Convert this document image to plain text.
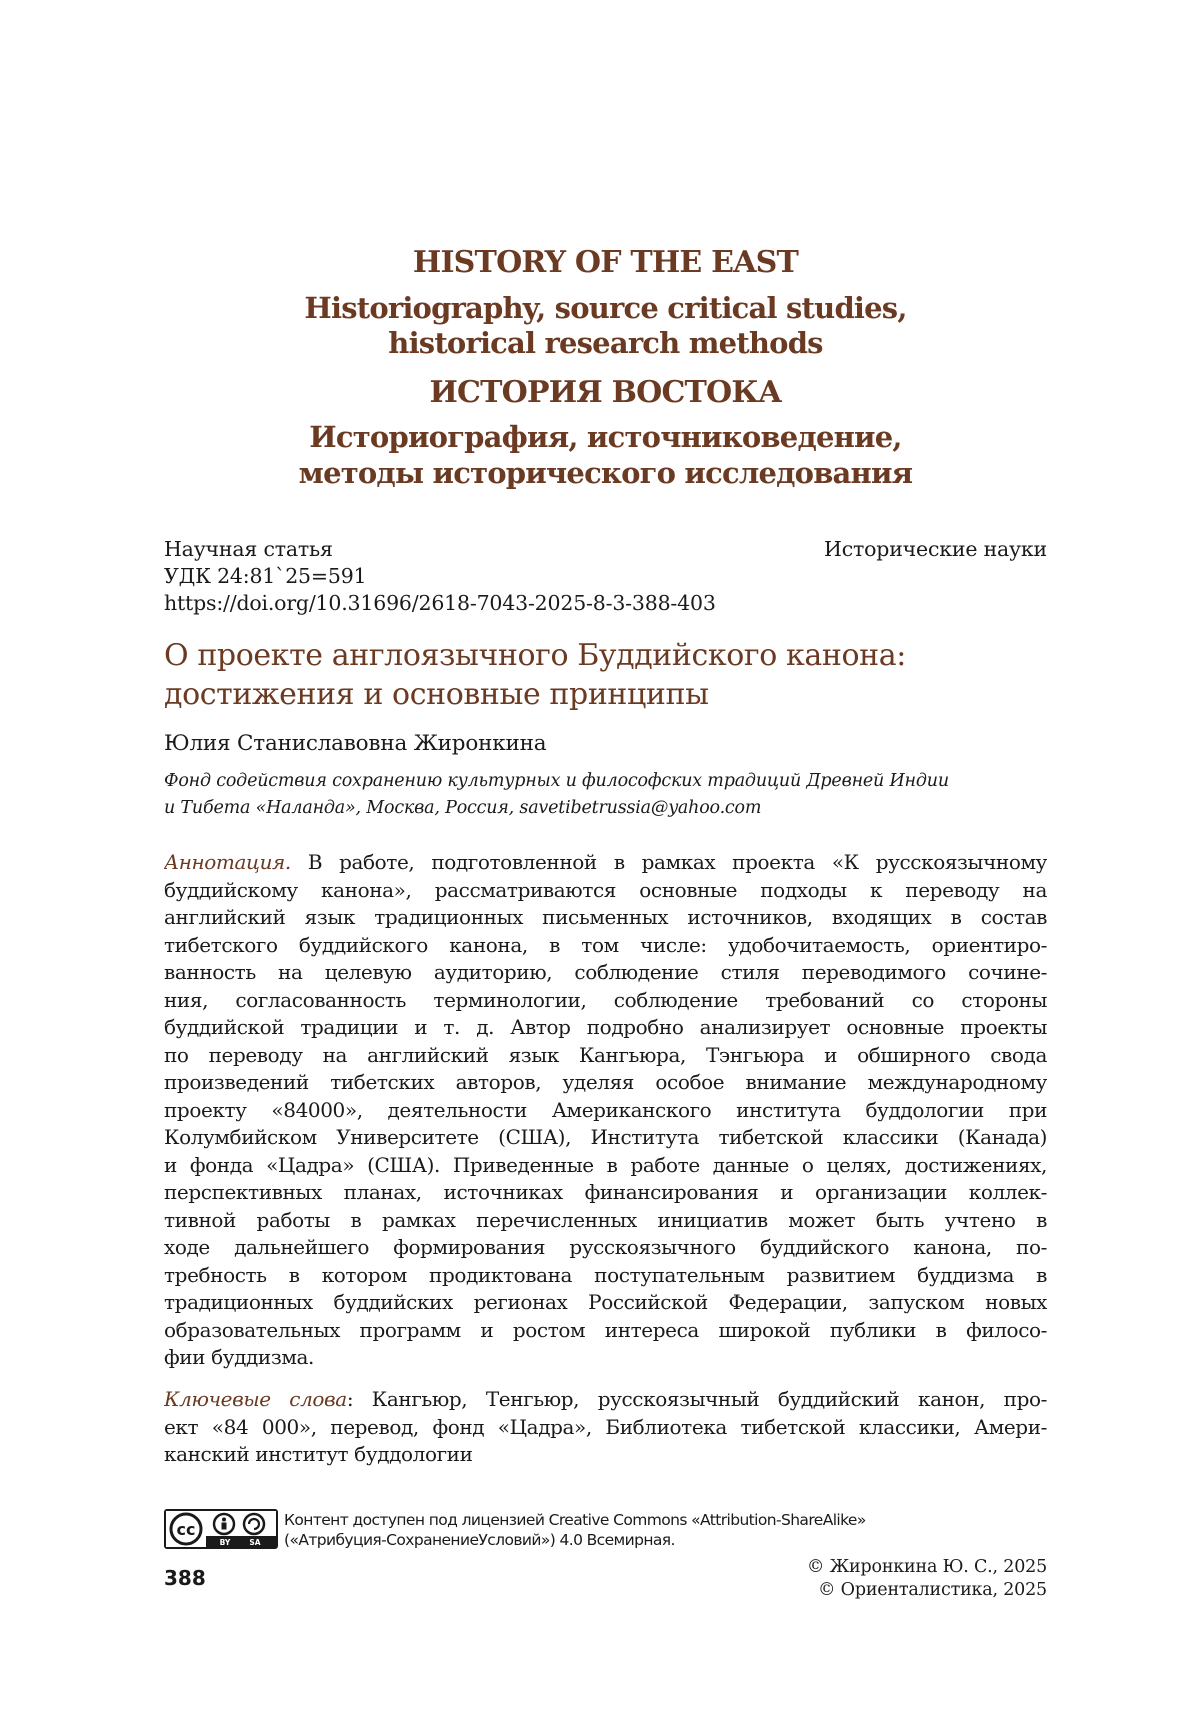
HISTORY OF THE EAST
Historiography, source critical studies,
historical research methods
ИСТОРИЯ ВОСТОКА
Историография, источниковедение,
методы исторического исследования
Научная статья	Исторические науки
УДК 24:81`25=591
https://doi.org/10.31696/2618-7043-2025-8-3-388-403
О проекте англоязычного Буддийского канона:
достижения и основные принципы
Юлия Станиславовна Жиронкина
Фонд содействия сохранению культурных и философских традиций Древней Индии
и Тибета «Наланда», Москва, Россия, savetibetrussia@yahoo.com
Аннотация. В работе, подготовленной в рамках проекта «К русскоязычному
буддийскому канона», рассматриваются основные подходы к переводу на
английский язык традиционных письменных источников, входящих в состав
тибетского буддийского канона, в том числе: удобочитаемость, ориентиро-
ванность на целевую аудиторию, соблюдение стиля переводимого сочине-
ния, согласованность терминологии, соблюдение требований со стороны
буддийской традиции и т. д. Автор подробно анализирует основные проекты
по переводу на английский язык Кангьюра, Тэнгьюра и обширного свода
произведений тибетских авторов, уделяя особое внимание международному
проекту «84000», деятельности Американского института буддологии при
Колумбийском Университете (США), Института тибетской классики (Канада)
и фонда «Цадра» (США). Приведенные в работе данные о целях, достижениях,
перспективных планах, источниках финансирования и организации коллек-
тивной работы в рамках перечисленных инициатив может быть учтено в
ходе дальнейшего формирования русскоязычного буддийского канона, по-
требность в котором продиктована поступательным развитием буддизма в
традиционных буддийских регионах Российской Федерации, запуском новых
образовательных программ и ростом интереса широкой публики в филосо-
фии буддизма.
Ключевые слова: Кангьюр, Тенгьюр, русскоязычный буддийский канон, про-
ект «84 000», перевод, фонд «Цадра», Библиотека тибетской классики, Амери-
канский институт буддологии
cc
BY	SA
Контент доступен под лицензией Creative Commons «Attribution-ShareAlike»
(«Атрибуция-СохранениеУсловий») 4.0 Всемирная.
388	© Жиронкина Ю. С., 2025
© Ориенталистика, 2025
